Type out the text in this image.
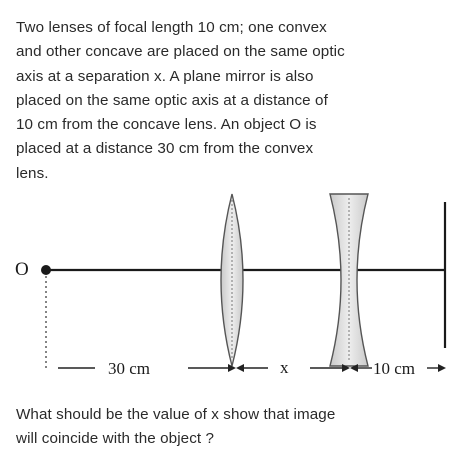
Two lenses of focal length 10 cm; one convex
and other concave are placed on the same optic
axis at a separation x. A plane mirror is also
placed on the same optic axis at a distance of
10 cm from the concave lens. An object O is
placed at a distance 30 cm from the convex
lens.

O
30 cm	x	10 cm

What should be the value of x show that image
will coincide with the object ?
